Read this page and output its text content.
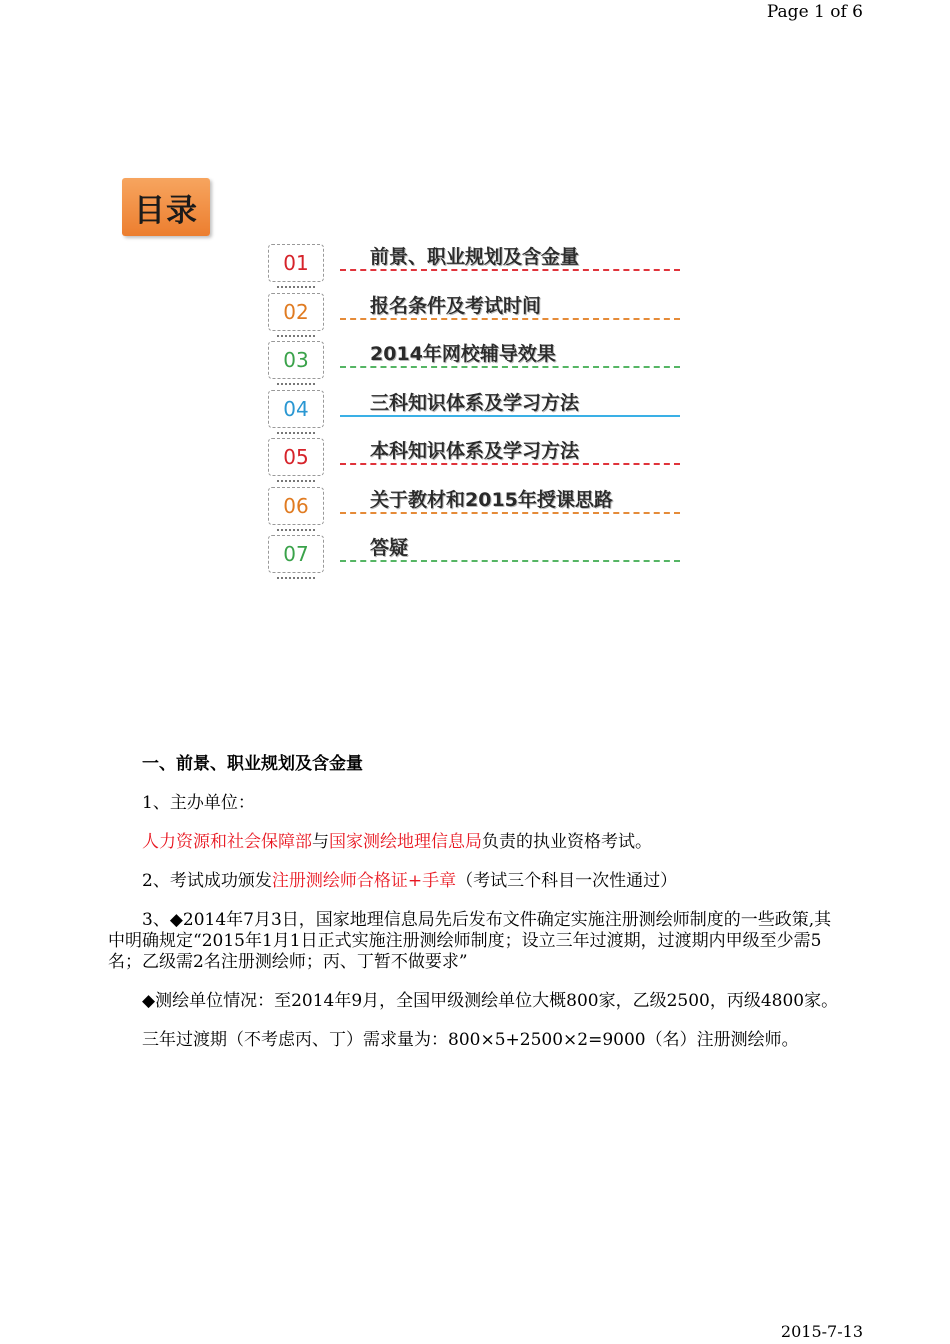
Page 1 of 6
目录
01	前景、职业规划及含金量
02	报名条件及考试时间
03	2014年网校辅导效果
04	三科知识体系及学习方法
05	本科知识体系及学习方法
06	关于教材和2015年授课思路
07	答疑

一、前景、职业规划及含金量

1、主办单位：

人力资源和社会保障部与国家测绘地理信息局负责的执业资格考试。

2、考试成功颁发注册测绘师合格证+手章（考试三个科目一次性通过）

3、◆2014年7月3日，国家地理信息局先后发布文件确定实施注册测绘师制度的一些政策,其中明确规定“2015年1月1日正式实施注册测绘师制度；设立三年过渡期，过渡期内甲级至少需5名；乙级需2名注册测绘师；丙、丁暂不做要求”

◆测绘单位情况：至2014年9月，全国甲级测绘单位大概800家，乙级2500，丙级4800家。

三年过渡期（不考虑丙、丁）需求量为：800×5+2500×2=9000（名）注册测绘师。

2015-7-13
